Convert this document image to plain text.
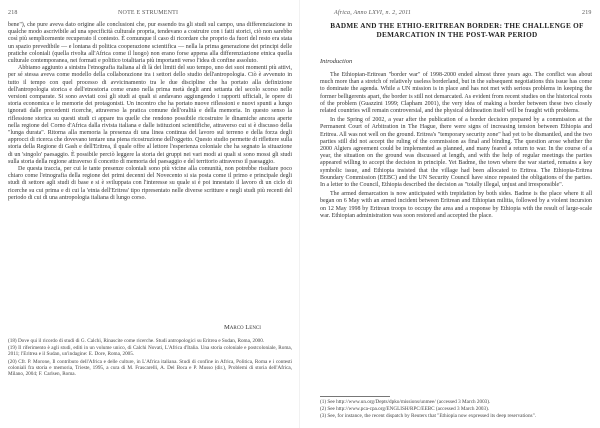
218	NOTE E STRUMENTI

bene"), che pure aveva dato origine alle conclusioni che, pur essendo tra gli studi sul campo, una differenziazione in qualche modo ascrivibile ad una specificità culturale propria, tendevano a costruire con i fatti storici, ciò non sarebbe così più semplicemente recuperato il contesto. È comunque il caso di ricordare che proprio da fuori del resto era stata un spazio prevedibile — e lontana di politica cooperazione scientifica — nella la prima generazione dei principi delle pratiche coloniali (quella rivolta all'Africa come il luogo) non erano forse appena alla differenziazione etnica quella culturale contemporanea, nei formati e politico totalitaria più importanti verso l'idea di confine assoluto.

Abbiamo aggiunto a sinistra l'etnografia italiana al di là dei limiti del suo tempo, uno dei suoi momenti più attivi, per sé stessa aveva come modello della collaborazione tra i settori dello studio dell'antropologia. Ciò è avvenuto in tutto il tempo con quel processo di avvicinamento tra le due discipline che ha portato alla definizione dell'antropologia storica e dell'etnostoria come erano nella prima metà degli anni settanta del secolo scorso nelle versioni comparate. Si sono avviati così gli studi ai quali si andavano aggiungendo i rapporti ufficiali, le opere di storia economica e le memorie dei protagonisti. Un incontro che ha portato nuove riflessioni e nuovi spunti a lungo ignorati dalle precedenti ricerche, attraverso la pratica comune dell'oralità e della memoria. In questo senso la riflessione storica su questi studi ci appare tra quelle che rendono possibile ricostruire le dinamiche ancora aperte nella regione del Corno d'Africa dalla rivista italiana e dalle istituzioni scientifiche, attraverso cui si è discusso della "lunga durata". Ritorna alla memoria la presenza di una linea continua del lavoro sul terreno e della forza degli approcci di ricerca che dovevano tentare una piena ricostruzione dell'oggetto. Questo studio permette di riflettere sulla storia della Regione di Gash e dell'Eritrea, il quale offre al lettore l'esperienza coloniale che ha segnato la situazione di un 'singolo' paesaggio. È possibile perciò leggere la storia dei gruppi nei vari modi ai quali si sono mossi gli studi sulla storia della regione attraverso il concetto di memoria del paesaggio e del territorio attraverso il paesaggio.

De questa traccia, per cui le tante presenze coloniali sono più vicine alla comunità, non potrebbe risultare poco chiaro come l'etnografia della regione dei primi decenni del Novecento si sia posta come il primo e principale degli studi di settore agli studi di base e si è sviluppata con l'interesse su quale si è poi innestato il lavoro di un ciclo di ricerche su cui prima e di cui la 'etnia dell'Eritrea' tipo ripresentato nelle diverse scritture e negli studi più recenti del periodo di cui di una antropologia italiana di lungo corso.

Marco Lenci

(18) Dove qui il ricordo di studi di G. Calchi, Rinascite come ricerche. Studi antropologici su Eritrea e Sudan, Roma, 2000.

(19) Il riferimento è agli studi, editi in un volume unico, di Calchi Novati, L'Africa d'Italia. Una storia coloniale e postcoloniale, Roma, 2011; l'Eritrea e il Sudan, un'indagine: E. Dore, Roma, 2005.

(20) Cfr. P. Morone, Il contributo dell'Africa e delle culture, in L'Africa italiana. Studi di confine in Africa, Politica, Roma e i contesti coloniali fra storia e memoria, Trieste, 1995, a cura di M. Frascarelli, A. Del Boca e P. Musso (dir.), Problemi di storia dell'Africa, Milano, 2004; F. Carlsen, Roma.

Africa, Anno LXVI, n. 2, 2011	219
BADME AND THE ETHIO-ERITREAN BORDER: THE CHALLENGE OF DEMARCATION IN THE POST-WAR PERIOD
Introduction

The Ethiopian-Eritrean "border war" of 1998-2000 ended almost three years ago. The conflict was about much more than a stretch of relatively useless borderland, but in the subsequent negotiations this issue has come to dominate the agenda. While a UN mission is in place and has not met with serious problems in keeping the former belligerents apart, the border is still not demarcated. As evident from recent studies on the historical roots of the problem (Guazzini 1999; Clapham 2001), the very idea of making a border between these two closely related countries will remain controversial, and the physical delineation itself will be fraught with problems.

In the Spring of 2002, a year after the publication of a border decision prepared by a commission at the Permanent Court of Arbitration in The Hague, there were signs of increasing tension between Ethiopia and Eritrea. All was not well on the ground. Eritrea's "temporary security zone" had yet to be dismantled, and the two parties still did not accept the ruling of the commission as final and binding. The question arose whether the 2000 Algiers agreement could be implemented as planned, and many feared a return to war. In the course of a year, the situation on the ground was discussed at length, and with the help of regular meetings the parties appeared willing to accept the decision in principle. Yet Badme, the town where the war started, remains a key symbolic issue, and Ethiopia insisted that the village had been allocated to Eritrea. The Ethiopia-Eritrea Boundary Commission (EEBC) and the UN Security Council have since repeated the obligations of the parties. In a letter to the Council, Ethiopia described the decision as "totally illegal, unjust and irresponsible".

The armed demarcation is now anticipated with trepidation by both sides. Badme is the place where it all began on 6 May with an armed incident between Eritrean and Ethiopian militia, followed by a violent incursion on 12 May 1998 by Eritrean troops to occupy the area and a response by Ethiopia with the result of large-scale war. Ethiopian administration was soon restored and accepted the place.

(1) See http://www.un.org/Depts/dpko/missions/unmee/ (accessed 3 March 2003).

(2) See http://www.pca-cpa.org/ENGLISH/RPC/EEBC (accessed 3 March 2003).

(3) See, for instance, the recent dispatch by Reuters that "Ethiopia now expressed its deep reservations".
